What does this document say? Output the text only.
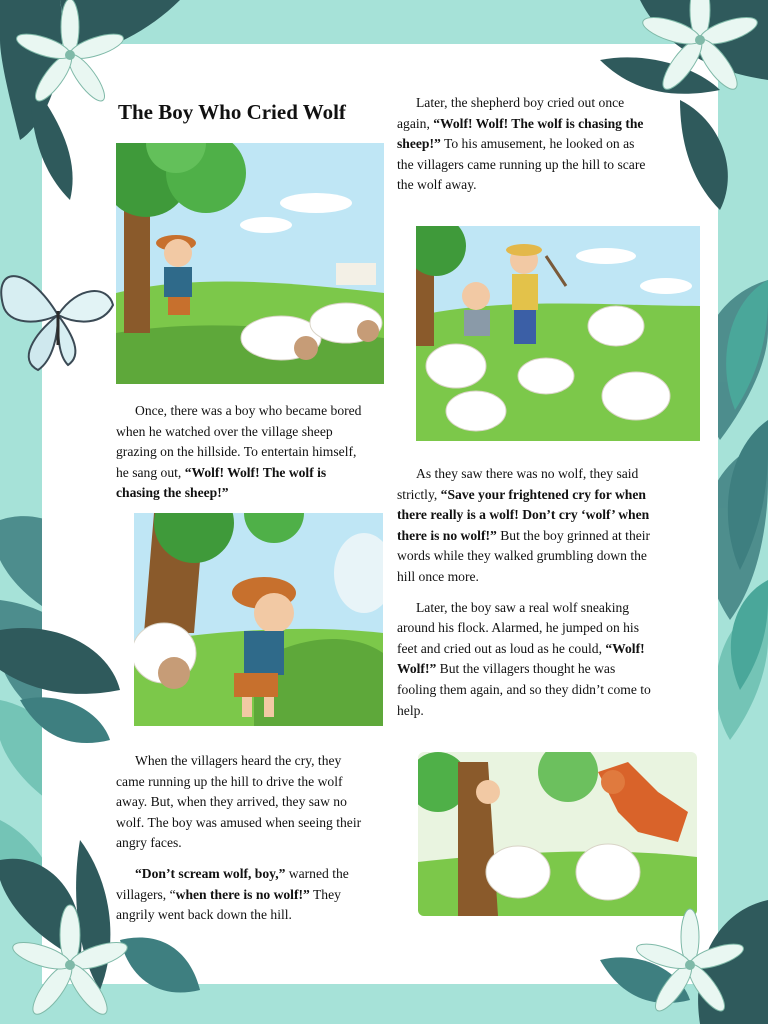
The Boy Who Cried Wolf

Once, there was a boy who became bored when he watched over the village sheep grazing on the hillside. To entertain himself, he sang out, “Wolf! Wolf! The wolf is chasing the sheep!”

When the villagers heard the cry, they came running up the hill to drive the wolf away. But, when they arrived, they saw no wolf. The boy was amused when seeing their angry faces.

“Don’t scream wolf, boy,” warned the villagers, “when there is no wolf!” They angrily went back down the hill.

Later, the shepherd boy cried out once again, “Wolf! Wolf! The wolf is chasing the sheep!” To his amusement, he looked on as the villagers came running up the hill to scare the wolf away.

As they saw there was no wolf, they said strictly, “Save your frightened cry for when there really is a wolf! Don’t cry ‘wolf’ when there is no wolf!” But the boy grinned at their words while they walked grumbling down the hill once more.

Later, the boy saw a real wolf sneaking around his flock. Alarmed, he jumped on his feet and cried out as loud as he could, “Wolf! Wolf!” But the villagers thought he was fooling them again, and so they didn’t come to help.
